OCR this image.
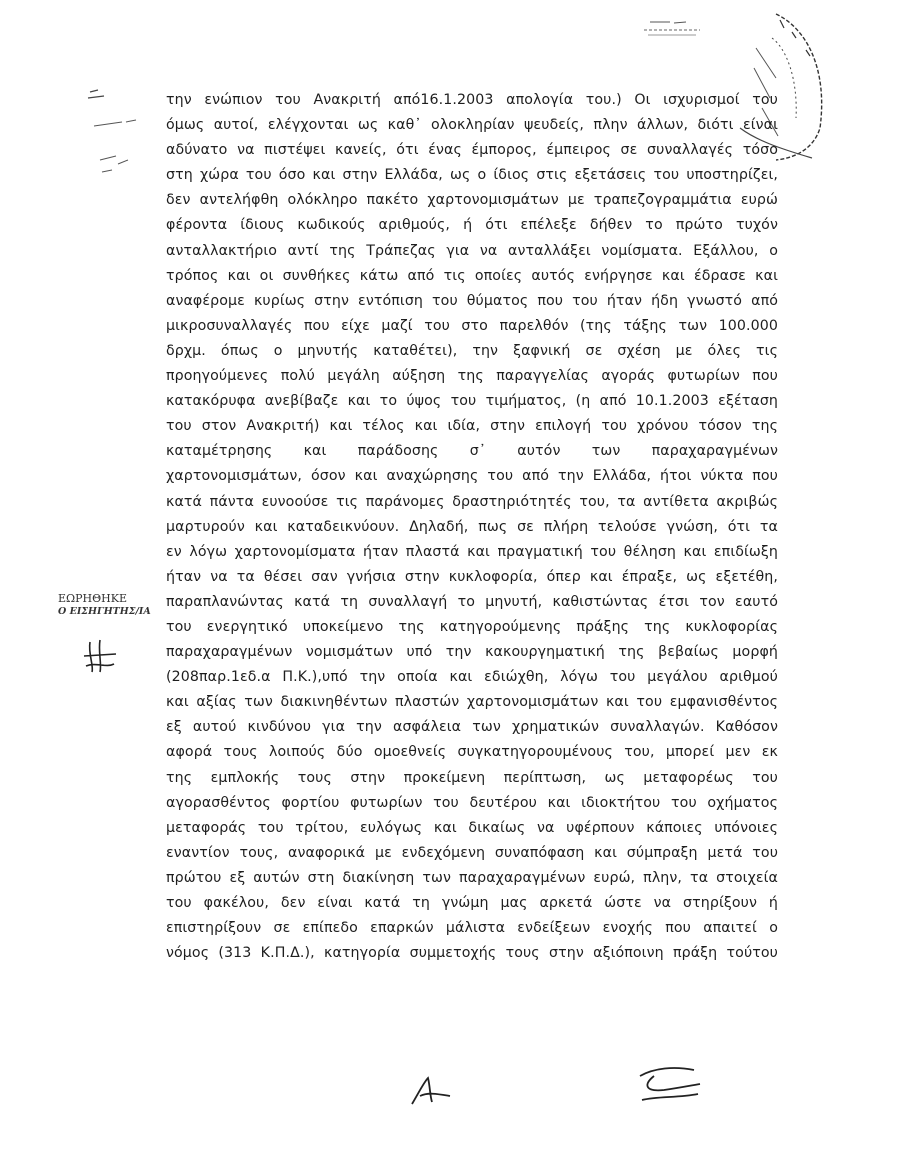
την ενώπιον του Ανακριτή από16.1.2003 απολογία του.) Οι ισχυρισμοί του
όμως αυτοί, ελέγχονται ως καθ᾽ ολοκληρίαν ψευδείς, πλην άλλων, διότι είναι
αδύνατο να πιστέψει κανείς, ότι ένας έμπορος, έμπειρος σε συναλλαγές τόσο
στη χώρα του όσο και στην Ελλάδα, ως ο ίδιος στις εξετάσεις του υποστηρίζει,
δεν αντελήφθη ολόκληρο πακέτο χαρτονομισμάτων με τραπεζογραμμάτια ευρώ
φέροντα ίδιους κωδικούς αριθμούς, ή ότι επέλεξε δήθεν το πρώτο τυχόν
ανταλλακτήριο αντί της Τράπεζας για να ανταλλάξει νομίσματα. Εξάλλου, ο
τρόπος και οι συνθήκες κάτω από τις οποίες αυτός ενήργησε και έδρασε και
αναφέρομε κυρίως στην εντόπιση του θύματος που του ήταν ήδη γνωστό από
μικροσυναλλαγές που είχε μαζί του στο παρελθόν (της τάξης των 100.000
δρχμ. όπως ο μηνυτής καταθέτει), την ξαφνική σε σχέση με όλες τις
προηγούμενες πολύ μεγάλη αύξηση της παραγγελίας αγοράς φυτωρίων που
κατακόρυφα ανεβίβαζε και το ύψος του τιμήματος, (η από 10.1.2003 εξέταση
του στον Ανακριτή) και τέλος και ιδία, στην επιλογή του χρόνου τόσον της
καταμέτρησης και παράδοσης σ᾽ αυτόν των παραχαραγμένων
χαρτονομισμάτων, όσον και αναχώρησης του από την Ελλάδα, ήτοι νύκτα που
κατά πάντα ευνοούσε τις παράνομες δραστηριότητές του, τα αντίθετα ακριβώς
μαρτυρούν και καταδεικνύουν. Δηλαδή, πως σε πλήρη τελούσε γνώση, ότι τα
εν λόγω χαρτονομίσματα ήταν πλαστά και πραγματική του θέληση και επιδίωξη
ήταν να τα θέσει σαν γνήσια στην κυκλοφορία, όπερ και έπραξε, ως εξετέθη,
παραπλανώντας κατά τη συναλλαγή το μηνυτή, καθιστώντας έτσι τον εαυτό
του ενεργητικό υποκείμενο της κατηγορούμενης πράξης της κυκλοφορίας
παραχαραγμένων νομισμάτων υπό την κακουργηματική της βεβαίως μορφή
(208παρ.1εδ.α Π.Κ.),υπό την οποία και εδιώχθη, λόγω του μεγάλου αριθμού
και αξίας των διακινηθέντων πλαστών χαρτονομισμάτων και του εμφανισθέντος
εξ αυτού κινδύνου για την ασφάλεια των χρηματικών συναλλαγών. Καθόσον
αφορά τους λοιπούς δύο ομοεθνείς συγκατηγορουμένους του, μπορεί μεν εκ
της εμπλοκής τους στην προκείμενη περίπτωση, ως μεταφορέως του
αγορασθέντος φορτίου φυτωρίων του δευτέρου και ιδιοκτήτου του οχήματος
μεταφοράς του τρίτου, ευλόγως και δικαίως να υφέρπουν κάποιες υπόνοιες
εναντίον τους, αναφορικά με ενδεχόμενη συναπόφαση και σύμπραξη μετά του
πρώτου εξ αυτών στη διακίνηση των παραχαραγμένων ευρώ, πλην, τα στοιχεία
του φακέλου, δεν είναι κατά τη γνώμη μας αρκετά ώστε να στηρίξουν ή
επιστηρίξουν σε επίπεδο επαρκών μάλιστα ενδείξεων ενοχής που απαιτεί ο
νόμος (313 Κ.Π.Δ.), κατηγορία συμμετοχής τους στην αξιόποινη πράξη τούτου
ΕΩΡΗΘΗΚΕ
Ο ΕΙΣΗΓΗΤΗΣ/ΙΑ
